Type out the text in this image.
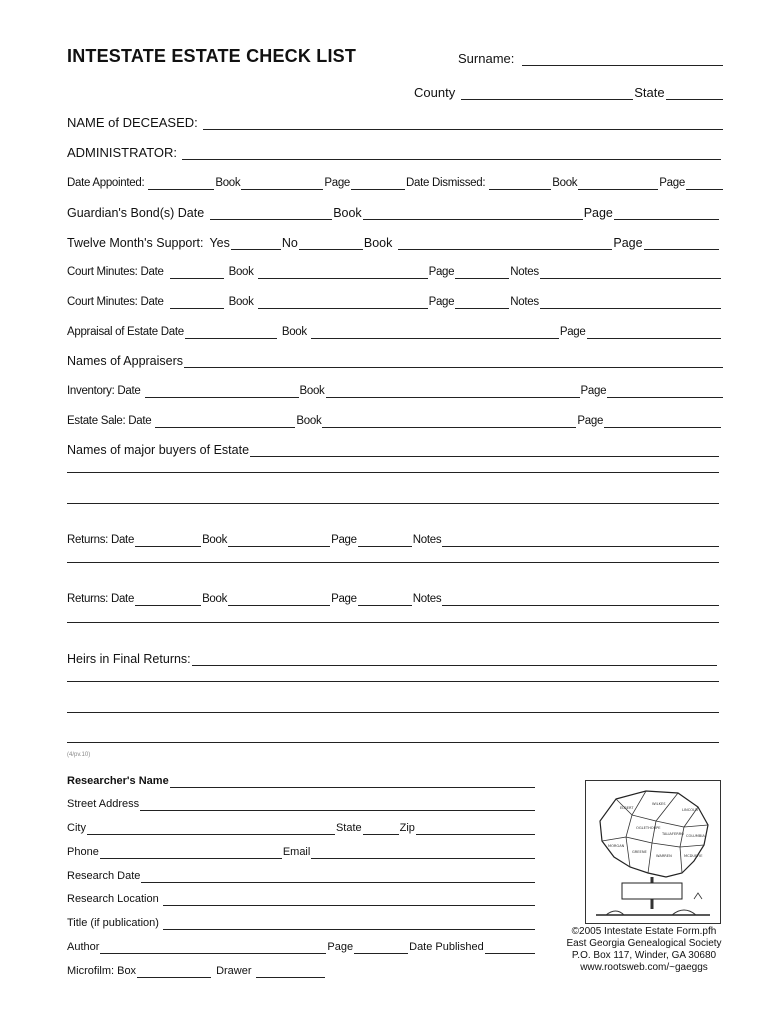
INTESTATE ESTATE CHECK LIST	Surname:
County	State
NAME of DECEASED:
ADMINISTRATOR:
Date Appointed:	Book	Page	Date Dismissed:	Book	Page
Guardian's Bond(s) Date	Book	Page
Twelve Month's Support: Yes	No	Book	Page
Court Minutes: Date	Book	Page	Notes
Court Minutes: Date	Book	Page	Notes
Appraisal of Estate Date	Book	Page
Names of Appraisers
Inventory: Date	Book	Page
Estate Sale: Date	Book	Page
Names of major buyers of Estate
Returns: Date	Book	Page	Notes
Returns: Date	Book	Page	Notes
Heirs in Final Returns:
(4/pv.10)
Researcher's Name
Street Address
City	State	Zip
Phone	Email
Research Date
Research Location
Title (if publication)
Author	Page	Date Published
Microfilm: Box	Drawer
ELBERT
WILKES
LINCOLN
OGLETHORPE
TALIAFERRO COLUMBIA
MORGAN
GREENE
WARREN	MCDUFFIE
©2005 Intestate Estate Form.pfh
East Georgia Genealogical Society
P.O. Box 117, Winder, GA 30680
www.rootsweb.com/~gaeggs
